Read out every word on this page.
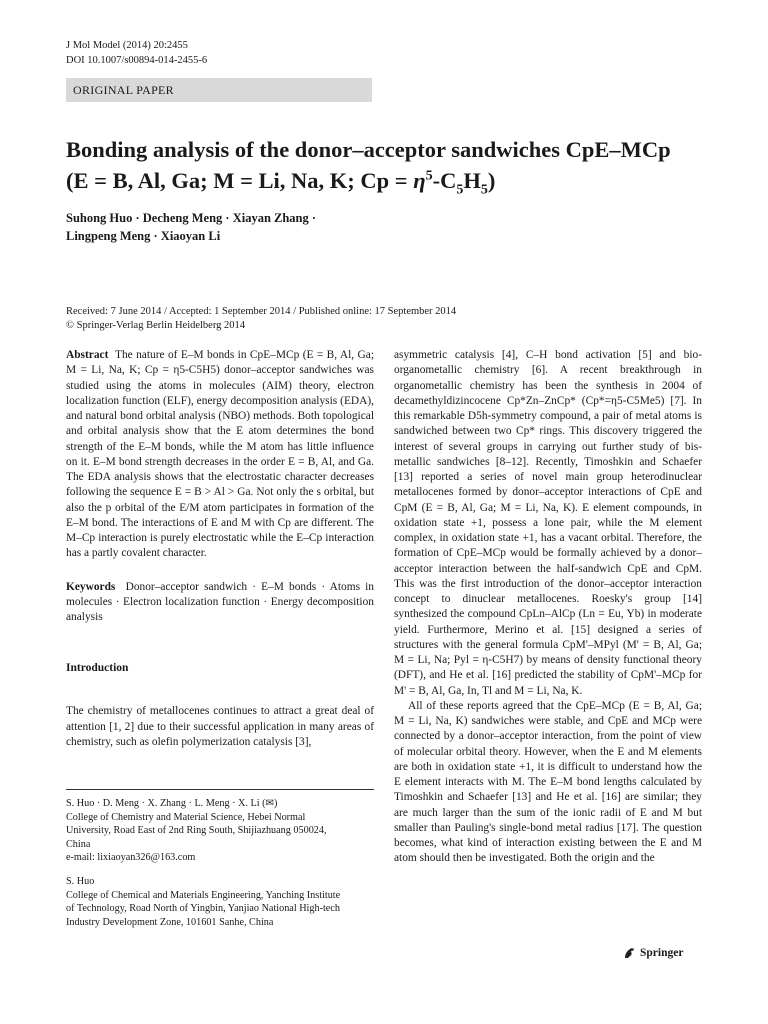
J Mol Model (2014) 20:2455
DOI 10.1007/s00894-014-2455-6
ORIGINAL PAPER
Bonding analysis of the donor–acceptor sandwiches CpE–MCp
(E = B, Al, Ga; M = Li, Na, K; $Cp = \eta^5-C_5H_5$)
Suhong Huo · Decheng Meng · Xiayan Zhang ·
Lingpeng Meng · Xiaoyan Li
Received: 7 June 2014 / Accepted: 1 September 2014 / Published online: 17 September 2014
© Springer-Verlag Berlin Heidelberg 2014

Abstract The nature of E–M bonds in CpE–MCp (E = B, Al, Ga; M = Li, Na, K; Cp = η5-C5H5) donor–acceptor sandwiches was studied using the atoms in molecules (AIM) theory, electron localization function (ELF), energy decomposition analysis (EDA), and natural bond orbital analysis (NBO) methods. Both topological and orbital analysis show that the E atom determines the bond strength of the E–M bonds, while the M atom has little influence on it. E–M bond strength decreases in the order E = B, Al, and Ga. The EDA analysis shows that the electrostatic character decreases following the sequence E = B > Al > Ga. Not only the s orbital, but also the p orbital of the E/M atom participates in formation of the E–M bond. The interactions of E and M with Cp are different. The M–Cp interaction is purely electrostatic while the E–Cp interaction has a partly covalent character.

Keywords Donor–acceptor sandwich · E–M bonds · Atoms in molecules · Electron localization function · Energy decomposition analysis

Introduction

The chemistry of metallocenes continues to attract a great deal of attention [1, 2] due to their successful application in many areas of chemistry, such as olefin polymerization catalysis [3],

S. Huo · D. Meng · X. Zhang · L. Meng · X. Li (✉)
College of Chemistry and Material Science, Hebei Normal
University, Road East of 2nd Ring South, Shijiazhuang 050024,
China
e-mail: lixiaoyan326@163.com
S. Huo
College of Chemical and Materials Engineering, Yanching Institute
of Technology, Road North of Yingbin, Yanjiao National High-tech
Industry Development Zone, 101601 Sanhe, China

asymmetric catalysis [4], C–H bond activation [5] and bio-organometallic chemistry [6]. A recent breakthrough in organometallic chemistry has been the synthesis in 2004 of decamethyldizincocene Cp*Zn–ZnCp* (Cp*=η5-C5Me5) [7]. In this remarkable D5h-symmetry compound, a pair of metal atoms is sandwiched between two Cp* rings. This discovery triggered the interest of several groups in carrying out further study of bis-metallic sandwiches [8–12]. Recently, Timoshkin and Schaefer [13] reported a series of novel main group heterodinuclear metallocenes formed by donor–acceptor interactions of CpE and CpM (E = B, Al, Ga; M = Li, Na, K). E element compounds, in oxidation state +1, possess a lone pair, while the M element complex, in oxidation state +1, has a vacant orbital. Therefore, the formation of CpE–MCp would be formally achieved by a donor–acceptor interaction between the half-sandwich CpE and CpM. This was the first introduction of the donor–acceptor interaction concept to dinuclear metallocenes. Roesky's group [14] synthesized the compound CpLn–AlCp (Ln = Eu, Yb) in moderate yield. Furthermore, Merino et al. [15] designed a series of structures with the general formula CpM'–MPyl (M' = B, Al, Ga; M = Li, Na; Pyl = η-C5H7) by means of density functional theory (DFT), and He et al. [16] predicted the stability of CpM'–MCp for M' = B, Al, Ga, In, Tl and M = Li, Na, K.

All of these reports agreed that the CpE–MCp (E = B, Al, Ga; M = Li, Na, K) sandwiches were stable, and CpE and MCp were connected by a donor–acceptor interaction, from the point of view of molecular orbital theory. However, when the E and M elements are both in oxidation state +1, it is difficult to understand how the E element interacts with M. The E–M bond lengths calculated by Timoshkin and Schaefer [13] and He et al. [16] are similar; they are much larger than the sum of the ionic radii of E and M but smaller than Pauling's single-bond metal radius [17]. The question becomes, what kind of interaction existing between the E and M atom should then be investigated. Both the origin and the

Springer
